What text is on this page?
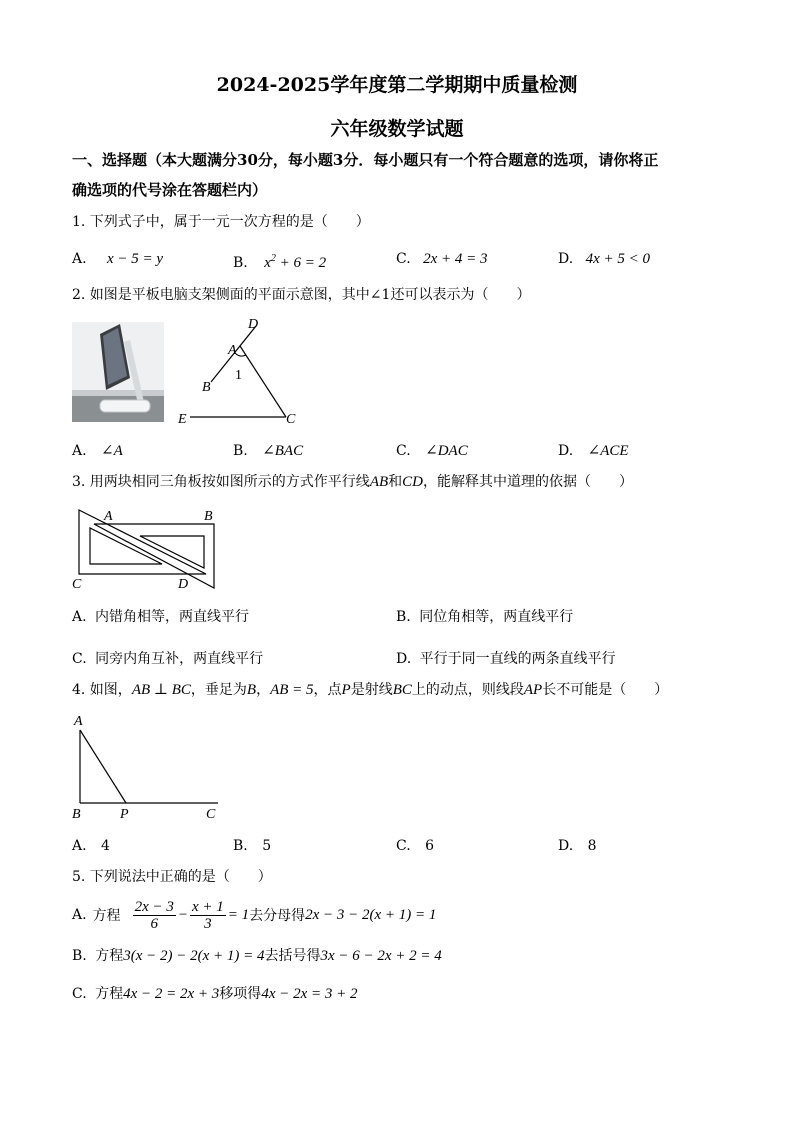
2024-2025学年度第二学期期中质量检测
六年级数学试题
一、选择题（本大题满分30分，每小题3分．每小题只有一个符合题意的选项，请你将正
确选项的代号涂在答题栏内）
1. 下列式子中，属于一元一次方程的是（　　）
A. x − 5 = y	B. $x^2 + 6 = 2$	C. 2x + 4 = 3	D. 4x + 5 < 0
2. 如图是平板电脑支架侧面的平面示意图，其中∠1还可以表示为（　　）
D
A
1
B
E	C
A. ∠A	B. ∠BAC	C. ∠DAC	D. ∠ACE
3. 用两块相同三角板按如图所示的方式作平行线AB和CD，能解释其中道理的依据（　　）
A	B
C	D
A. 内错角相等，两直线平行	B. 同位角相等，两直线平行
C. 同旁内角互补，两直线平行	D. 平行于同一直线的两条直线平行
4. 如图，AB ⊥ BC，垂足为B，AB = 5，点P是射线BC上的动点，则线段AP长不可能是（　　）
A
B	P	C
A. 4	B. 5	C. 6	D. 8
5. 下列说法中正确的是（　　）
A. 方程 $\frac{2x - 3}{6} - \frac{x + 1}{3} = 1$ 去分母得 2x − 3 − 2(x + 1) = 1
B. 方程3(x − 2) − 2(x + 1) = 4去括号得3x − 6 − 2x + 2 = 4
C. 方程4x − 2 = 2x + 3移项得4x − 2x = 3 + 2
